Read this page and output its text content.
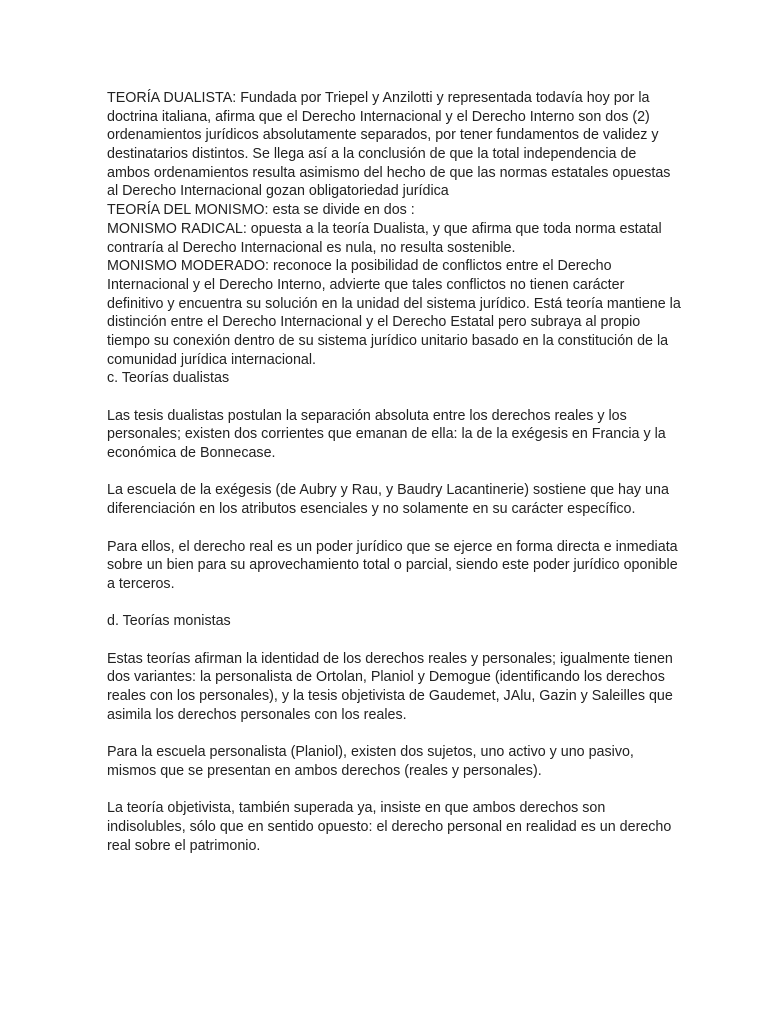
TEORÍA DUALISTA: Fundada por Triepel y Anzilotti y representada todavía hoy por la
doctrina italiana, afirma que el Derecho Internacional y el Derecho Interno son dos (2)
ordenamientos jurídicos absolutamente separados, por tener fundamentos de validez y
destinatarios distintos. Se llega así a la conclusión de que la total independencia de
ambos ordenamientos resulta asimismo del hecho de que las normas estatales opuestas
al Derecho Internacional gozan obligatoriedad jurídica
TEORÍA DEL MONISMO: esta se divide en dos :
MONISMO RADICAL: opuesta a la teoría Dualista, y que afirma que toda norma estatal
contraría al Derecho Internacional es nula, no resulta sostenible.
MONISMO MODERADO: reconoce la posibilidad de conflictos entre el Derecho
Internacional y el Derecho Interno, advierte que tales conflictos no tienen carácter
definitivo y encuentra su solución en la unidad del sistema jurídico. Está teoría mantiene la
distinción entre el Derecho Internacional y el Derecho Estatal pero subraya al propio
tiempo su conexión dentro de su sistema jurídico unitario basado en la constitución de la
comunidad jurídica internacional.
c. Teorías dualistas
Las tesis dualistas postulan la separación absoluta entre los derechos reales y los
personales; existen dos corrientes que emanan de ella: la de la exégesis en Francia y la
económica de Bonnecase.
La escuela de la exégesis (de Aubry y Rau, y Baudry Lacantinerie) sostiene que hay una
diferenciación en los atributos esenciales y no solamente en su carácter específico.
Para ellos, el derecho real es un poder jurídico que se ejerce en forma directa e inmediata
sobre un bien para su aprovechamiento total o parcial, siendo este poder jurídico oponible
a terceros.
d. Teorías monistas
Estas teorías afirman la identidad de los derechos reales y personales; igualmente tienen
dos variantes: la personalista de Ortolan, Planiol y Demogue (identificando los derechos
reales con los personales), y la tesis objetivista de Gaudemet, JAlu, Gazin y Saleilles que
asimila los derechos personales con los reales.
Para la escuela personalista (Planiol), existen dos sujetos, uno activo y uno pasivo,
mismos que se presentan en ambos derechos (reales y personales).
La teoría objetivista, también superada ya, insiste en que ambos derechos son
indisolubles, sólo que en sentido opuesto: el derecho personal en realidad es un derecho
real sobre el patrimonio.
